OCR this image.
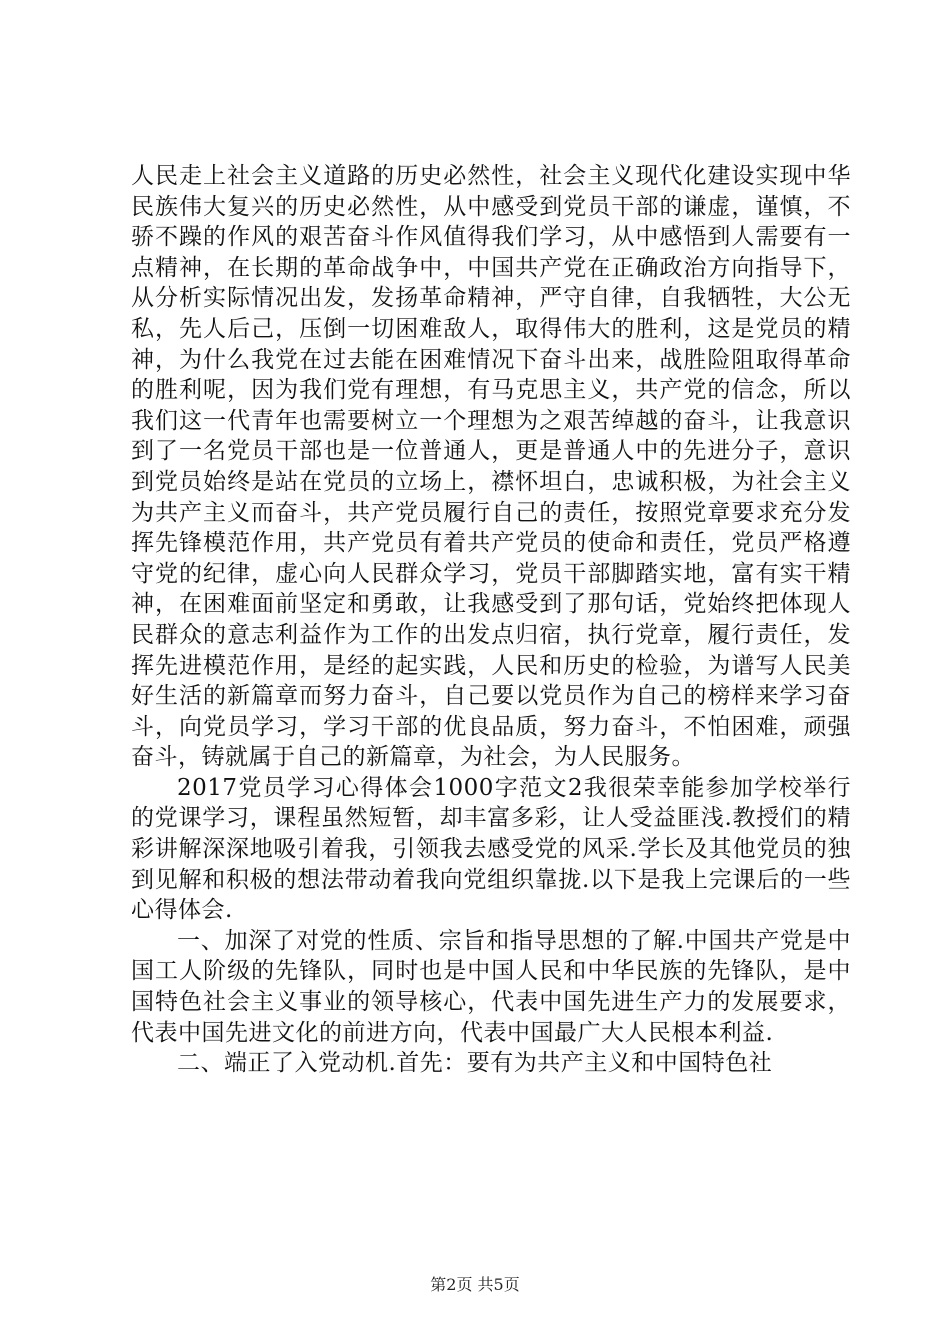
人民走上社会主义道路的历史必然性，社会主义现代化建设实现中华民族伟大复兴的历史必然性，从中感受到党员干部的谦虚，谨慎，不骄不躁的作风的艰苦奋斗作风值得我们学习，从中感悟到人需要有一点精神，在长期的革命战争中，中国共产党在正确政治方向指导下，从分析实际情况出发，发扬革命精神，严守自律，自我牺牲，大公无私，先人后己，压倒一切困难敌人，取得伟大的胜利，这是党员的精神，为什么我党在过去能在困难情况下奋斗出来，战胜险阻取得革命的胜利呢，因为我们党有理想，有马克思主义，共产党的信念，所以我们这一代青年也需要树立一个理想为之艰苦绰越的奋斗，让我意识到了一名党员干部也是一位普通人，更是普通人中的先进分子，意识到党员始终是站在党员的立场上，襟怀坦白，忠诚积极，为社会主义为共产主义而奋斗，共产党员履行自己的责任，按照党章要求充分发挥先锋模范作用，共产党员有着共产党员的使命和责任，党员严格遵守党的纪律，虚心向人民群众学习，党员干部脚踏实地，富有实干精神，在困难面前坚定和勇敢，让我感受到了那句话，党始终把体现人民群众的意志利益作为工作的出发点归宿，执行党章，履行责任，发挥先进模范作用，是经的起实践，人民和历史的检验，为谱写人民美好生活的新篇章而努力奋斗，自己要以党员作为自己的榜样来学习奋斗，向党员学习，学习干部的优良品质，努力奋斗，不怕困难，顽强奋斗，铸就属于自己的新篇章，为社会，为人民服务。

2017党员学习心得体会1000字范文2我很荣幸能参加学校举行的党课学习，课程虽然短暂，却丰富多彩，让人受益匪浅.教授们的精彩讲解深深地吸引着我，引领我去感受党的风采.学长及其他党员的独到见解和积极的想法带动着我向党组织靠拢.以下是我上完课后的一些心得体会.

一、加深了对党的性质、宗旨和指导思想的了解.中国共产党是中国工人阶级的先锋队，同时也是中国人民和中华民族的先锋队，是中国特色社会主义事业的领导核心，代表中国先进生产力的发展要求，代表中国先进文化的前进方向，代表中国最广大人民根本利益.

二、端正了入党动机.首先：要有为共产主义和中国特色社

第2页 共5页
